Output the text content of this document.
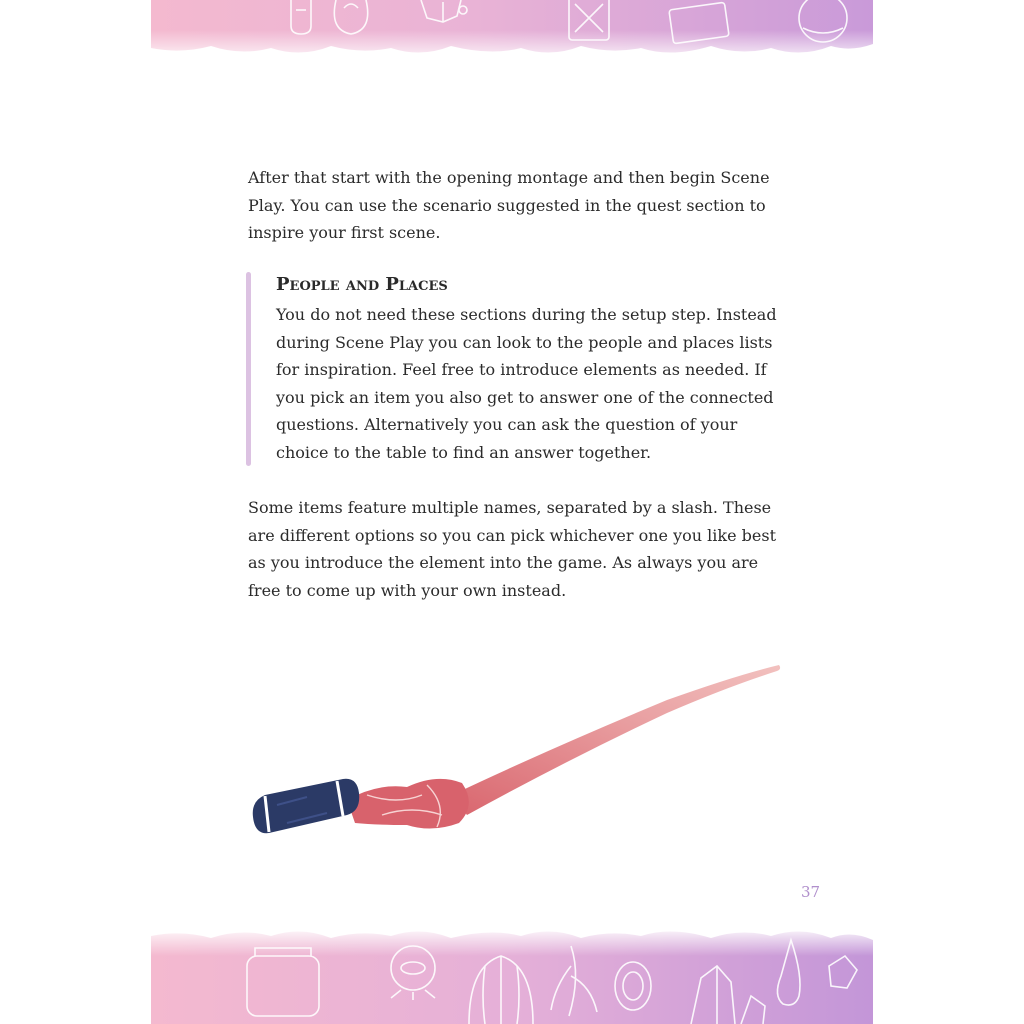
After that start with the opening montage and then begin Scene Play. You can use the scenario suggested in the quest section to inspire your first scene.

People and Places

You do not need these sections during the setup step. Instead during Scene Play you can look to the people and places lists for inspiration. Feel free to introduce elements as needed. If you pick an item you also get to answer one of the connected questions. Alternatively you can ask the question of your choice to the table to find an answer together.

Some items feature multiple names, separated by a slash. These are different options so you can pick whichever one you like best as you introduce the element into the game. As always you are free to come up with your own instead.

37
